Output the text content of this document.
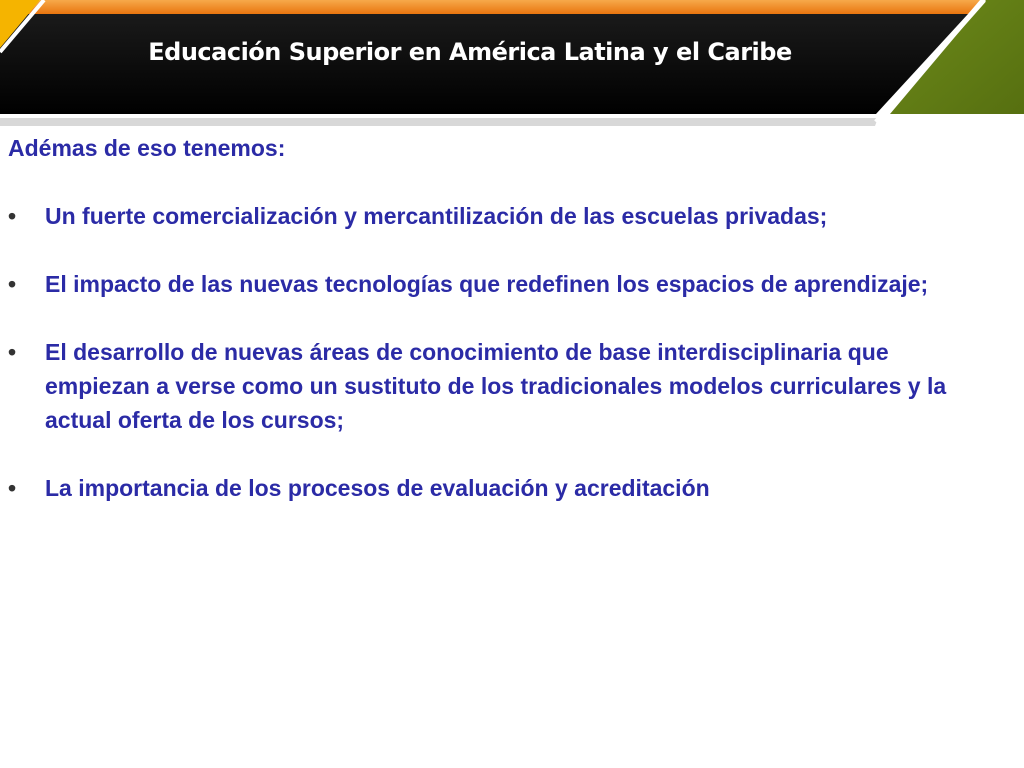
Educación Superior en América Latina y el Caribe

Adémas de eso tenemos:

•	Un fuerte comercialización y mercantilización de las escuelas privadas;
•	El impacto de las nuevas tecnologías que redefinen los espacios de aprendizaje;
•	El desarrollo de nuevas áreas de conocimiento de base interdisciplinaria que empiezan a verse como un sustituto de los tradicionales modelos curriculares y la actual oferta de los cursos;
•	La importancia de los procesos de evaluación y acreditación
